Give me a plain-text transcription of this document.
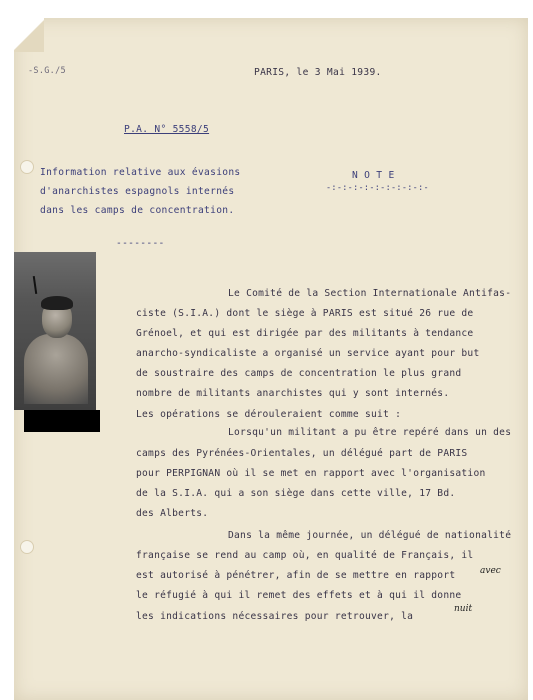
-S.G./5	PARIS, le 3 Mai 1939.
P.A. N° 5558/5
Information relative aux évasions
d'anarchistes espagnols internés
dans les camps de concentration.
--------
N O T E
-:-:-:-:-:-:-:-:-:-
Le Comité de la Section Internationale Antifas-
ciste (S.I.A.) dont le siège à PARIS est situé 26 rue de
Grénoel, et qui est dirigée par des militants à tendance
anarcho-syndicaliste a organisé un service ayant pour but
de soustraire des camps de concentration le plus grand
nombre de militants anarchistes qui y sont internés.
Les opérations se dérouleraient comme suit :
Lorsqu'un militant a pu être repéré dans un des
camps des Pyrénées-Orientales, un délégué part de PARIS
pour PERPIGNAN où il se met en rapport avec l'organisation
de la S.I.A. qui a son siège dans cette ville, 17 Bd.
des Alberts.
Dans la même journée, un délégué de nationalité
française se rend au camp où, en qualité de Français, il
est autorisé à pénétrer, afin de se mettre en rapport
le réfugié à qui il remet des effets et à qui il donne
les indications nécessaires pour retrouver, la
avec
nuit
